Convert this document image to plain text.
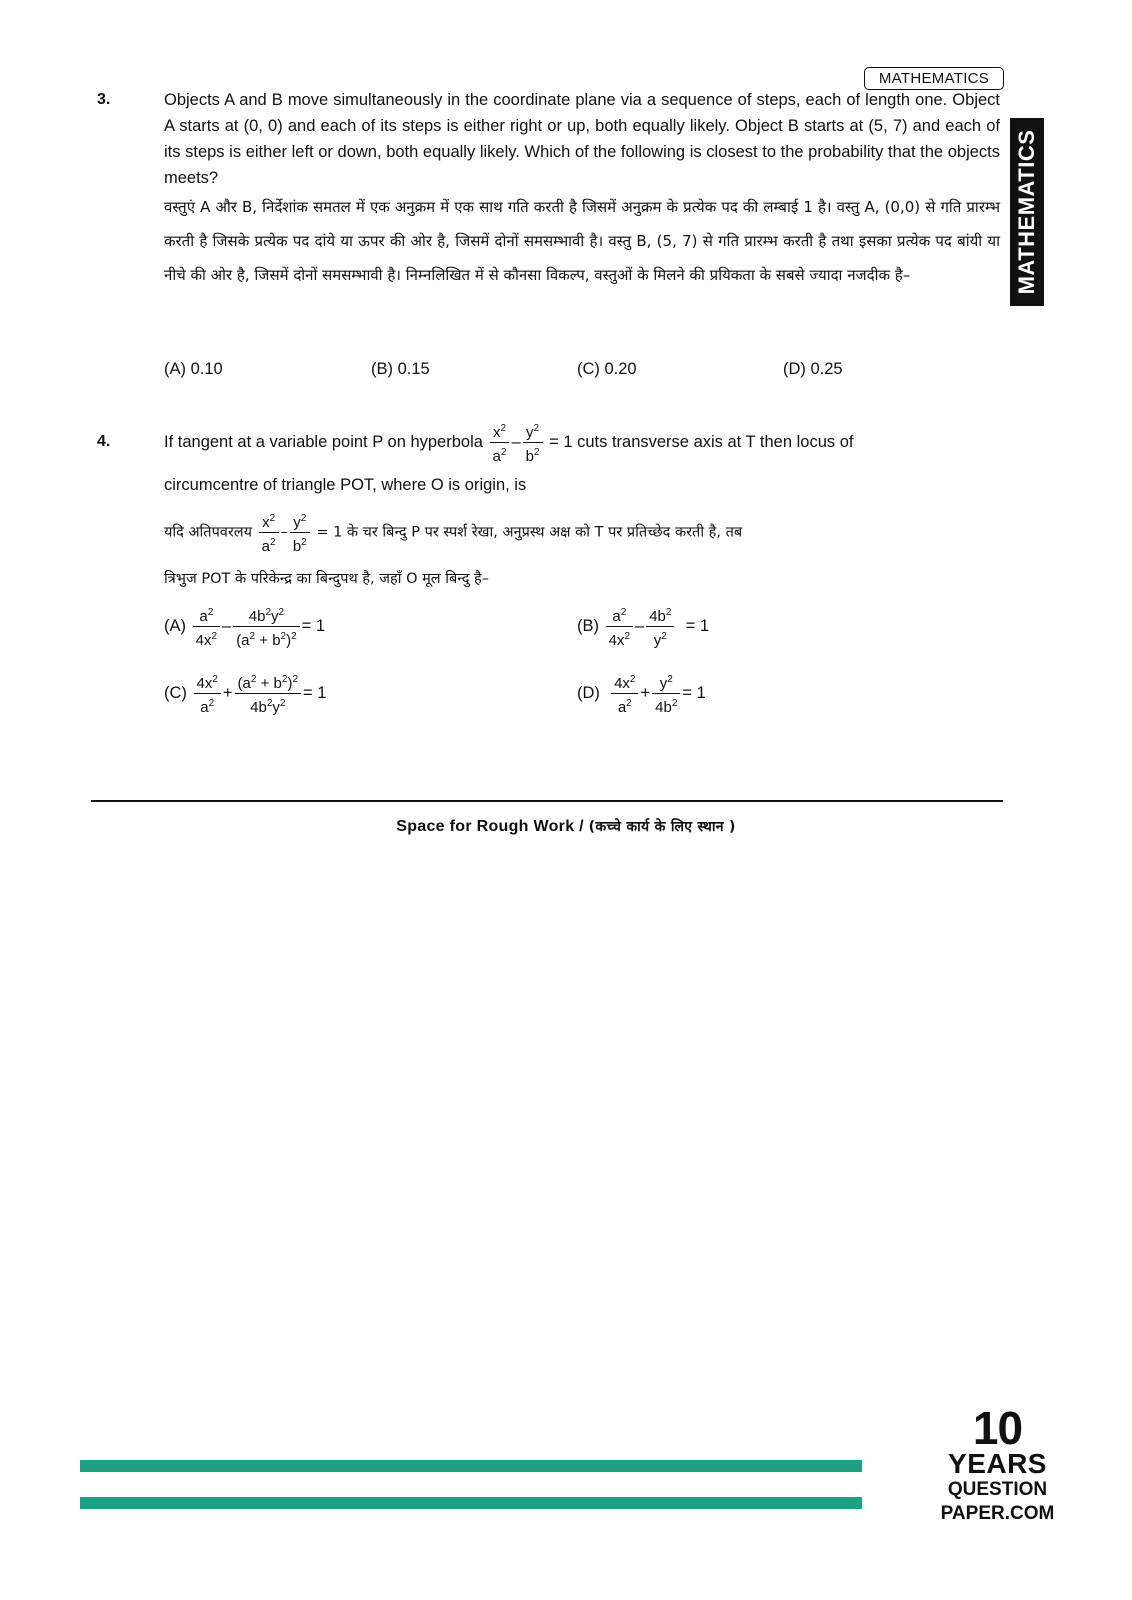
MATHEMATICS
MATHEMATICS
3.	Objects A and B move simultaneously in the coordinate plane via a sequence of steps, each of length one. Object A starts at (0, 0) and each of its steps is either right or up, both equally likely. Object B starts at (5, 7) and each of its steps is either left or down, both equally likely. Which of the following is closest to the probability that the objects meets?
वस्तुएं A और B, निर्देशांक समतल में एक अनुक्रम में एक साथ गति करती है जिसमें अनुक्रम के प्रत्येक पद की लम्बाई 1 है। वस्तु A, (0,0) से गति प्रारम्भ करती है जिसके प्रत्येक पद दांये या ऊपर की ओर है, जिसमें दोनों समसम्भावी है। वस्तु B, (5, 7) से गति प्रारम्भ करती है तथा इसका प्रत्येक पद बांयी या नीचे की ओर है, जिसमें दोनों समसम्भावी है। निम्नलिखित में से कौनसा विकल्प, वस्तुओं के मिलने की प्रयिकता के सबसे ज्यादा नजदीक है–
(A) 0.10	(B) 0.15	(C) 0.20	(D) 0.25
4.	If tangent at a variable point P on hyperbola $\frac{x^2}{a^2} - \frac{y^2}{b^2} = 1$ cuts transverse axis at T then locus of
circumcentre of triangle POT, where O is origin, is
यदि अतिपवरलय $\frac{x^2}{a^2} - \frac{y^2}{b^2} = 1$ के चर बिन्दु P पर स्पर्श रेखा, अनुप्रस्थ अक्ष को T पर प्रतिच्छेद करती है, तब
त्रिभुज POT के परिकेन्द्र का बिन्दुपथ है, जहाँ O मूल बिन्दु है–
$(A) \frac{a^2}{4x^2} - \frac{4b^2y^2}{(a^2 + b^2)^2} = 1$	$(B) \frac{a^2}{4x^2} - \frac{4b^2}{y^2} = 1$
$(C) \frac{4x^2}{a^2} + \frac{(a^2 + b^2)^2}{4b^2y^2} = 1$	$(D) \frac{4x^2}{a^2} + \frac{y^2}{4b^2} = 1$
Space for Rough Work / (कच्चे कार्य के लिए स्थान )
10
YEARS
QUESTION PAPER.COM
